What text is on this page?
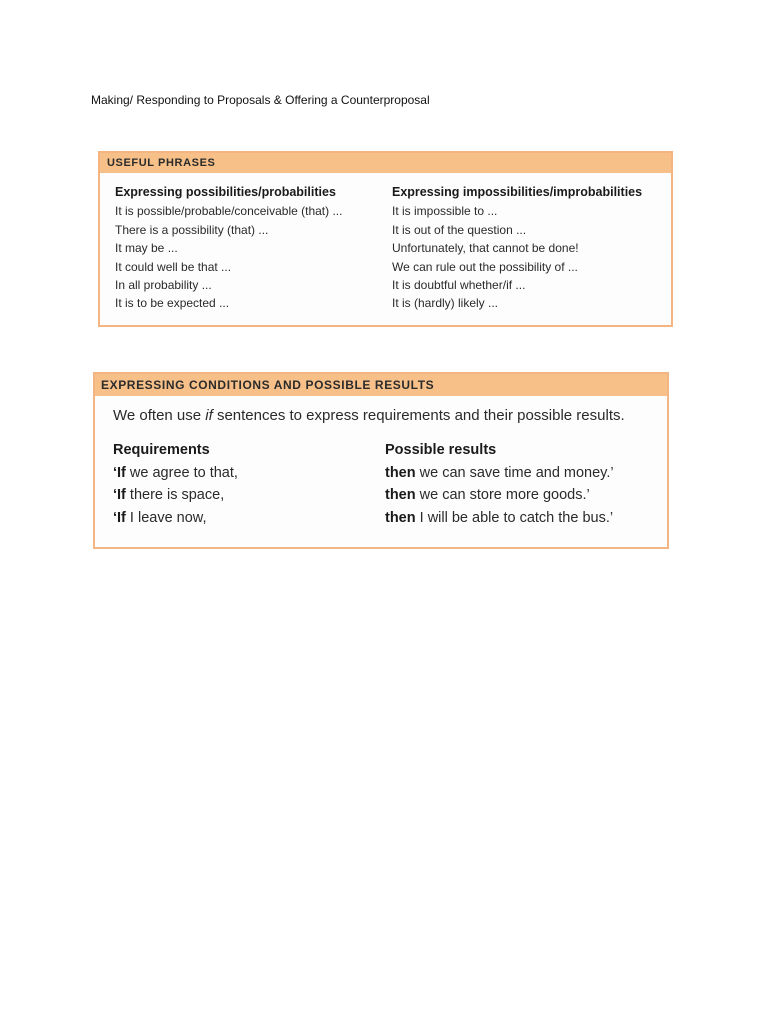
Making/ Responding to Proposals & Offering a Counterproposal
USEFUL PHRASES
Expressing possibilities/probabilities
It is possible/probable/conceivable (that) ...
There is a possibility (that) ...
It may be ...
It could well be that ...
In all probability ...
It is to be expected ...
Expressing impossibilities/improbabilities
It is impossible to ...
It is out of the question ...
Unfortunately, that cannot be done!
We can rule out the possibility of ...
It is doubtful whether/if ...
It is (hardly) likely ...
EXPRESSING CONDITIONS AND POSSIBLE RESULTS
We often use if sentences to express requirements and their possible results.
Requirements
‘If we agree to that,
‘If there is space,
‘If I leave now,
Possible results
then we can save time and money.’
then we can store more goods.’
then I will be able to catch the bus.’
